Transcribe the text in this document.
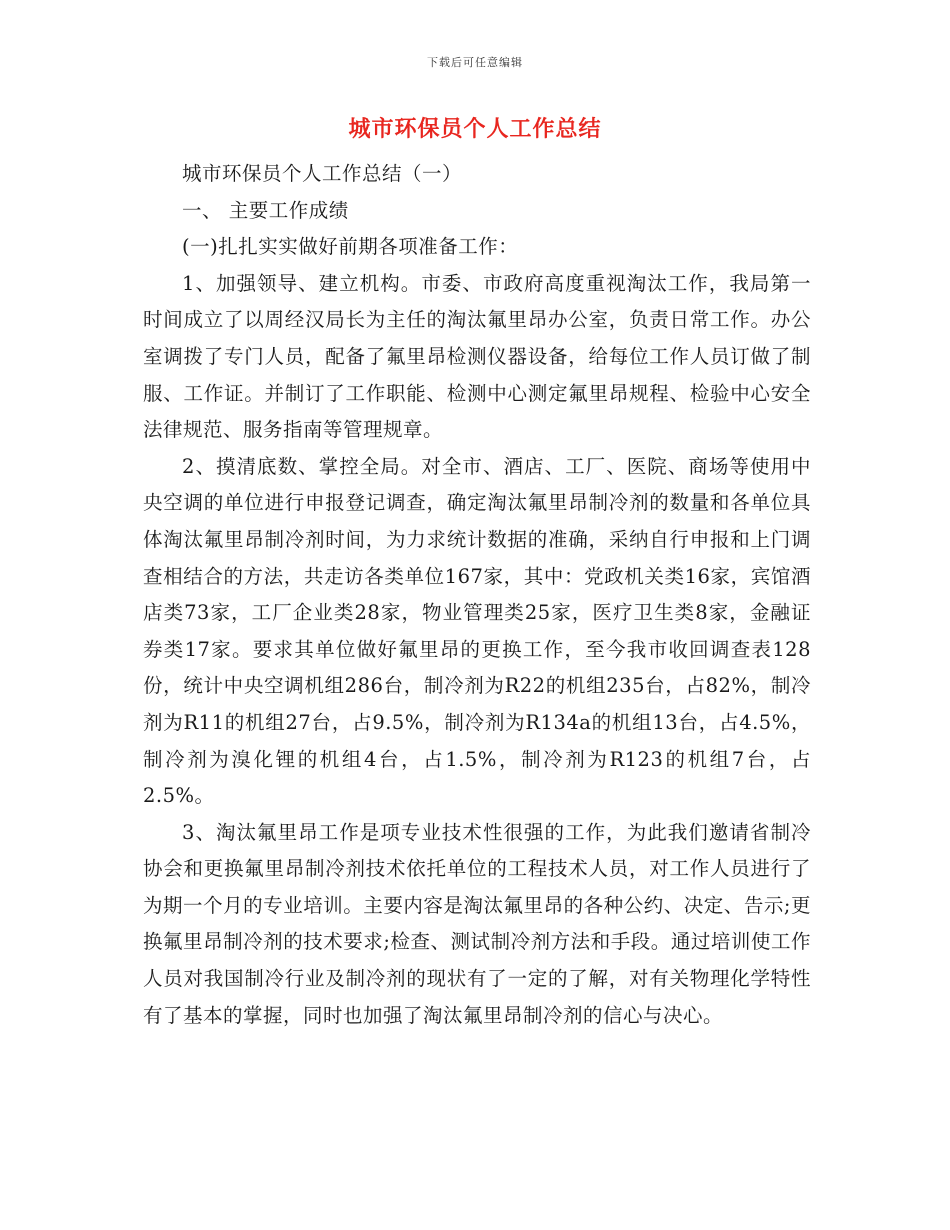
下载后可任意编辑
城市环保员个人工作总结

城市环保员个人工作总结（一）

一、 主要工作成绩

(一)扎扎实实做好前期各项准备工作：

1、加强领导、建立机构。市委、市政府高度重视淘汰工作，我局第一时间成立了以周经汉局长为主任的淘汰氟里昂办公室，负责日常工作。办公室调拨了专门人员，配备了氟里昂检测仪器设备，给每位工作人员订做了制服、工作证。并制订了工作职能、检测中心测定氟里昂规程、检验中心安全法律规范、服务指南等管理规章。

2、摸清底数、掌控全局。对全市、酒店、工厂、医院、商场等使用中央空调的单位进行申报登记调查，确定淘汰氟里昂制冷剂的数量和各单位具体淘汰氟里昂制冷剂时间，为力求统计数据的准确，采纳自行申报和上门调查相结合的方法，共走访各类单位167家，其中：党政机关类16家，宾馆酒店类73家，工厂企业类28家，物业管理类25家，医疗卫生类8家，金融证券类17家。要求其单位做好氟里昂的更换工作，至今我市收回调查表128份，统计中央空调机组286台，制冷剂为R22的机组235台，占82%，制冷剂为R11的机组27台，占9.5%，制冷剂为R134a的机组13台，占4.5%，制冷剂为溴化锂的机组4台，占1.5%，制冷剂为R123的机组7台，占2.5%。

3、淘汰氟里昂工作是项专业技术性很强的工作，为此我们邀请省制冷协会和更换氟里昂制冷剂技术依托单位的工程技术人员，对工作人员进行了为期一个月的专业培训。主要内容是淘汰氟里昂的各种公约、决定、告示;更换氟里昂制冷剂的技术要求;检查、测试制冷剂方法和手段。通过培训使工作人员对我国制冷行业及制冷剂的现状有了一定的了解，对有关物理化学特性有了基本的掌握，同时也加强了淘汰氟里昂制冷剂的信心与决心。
